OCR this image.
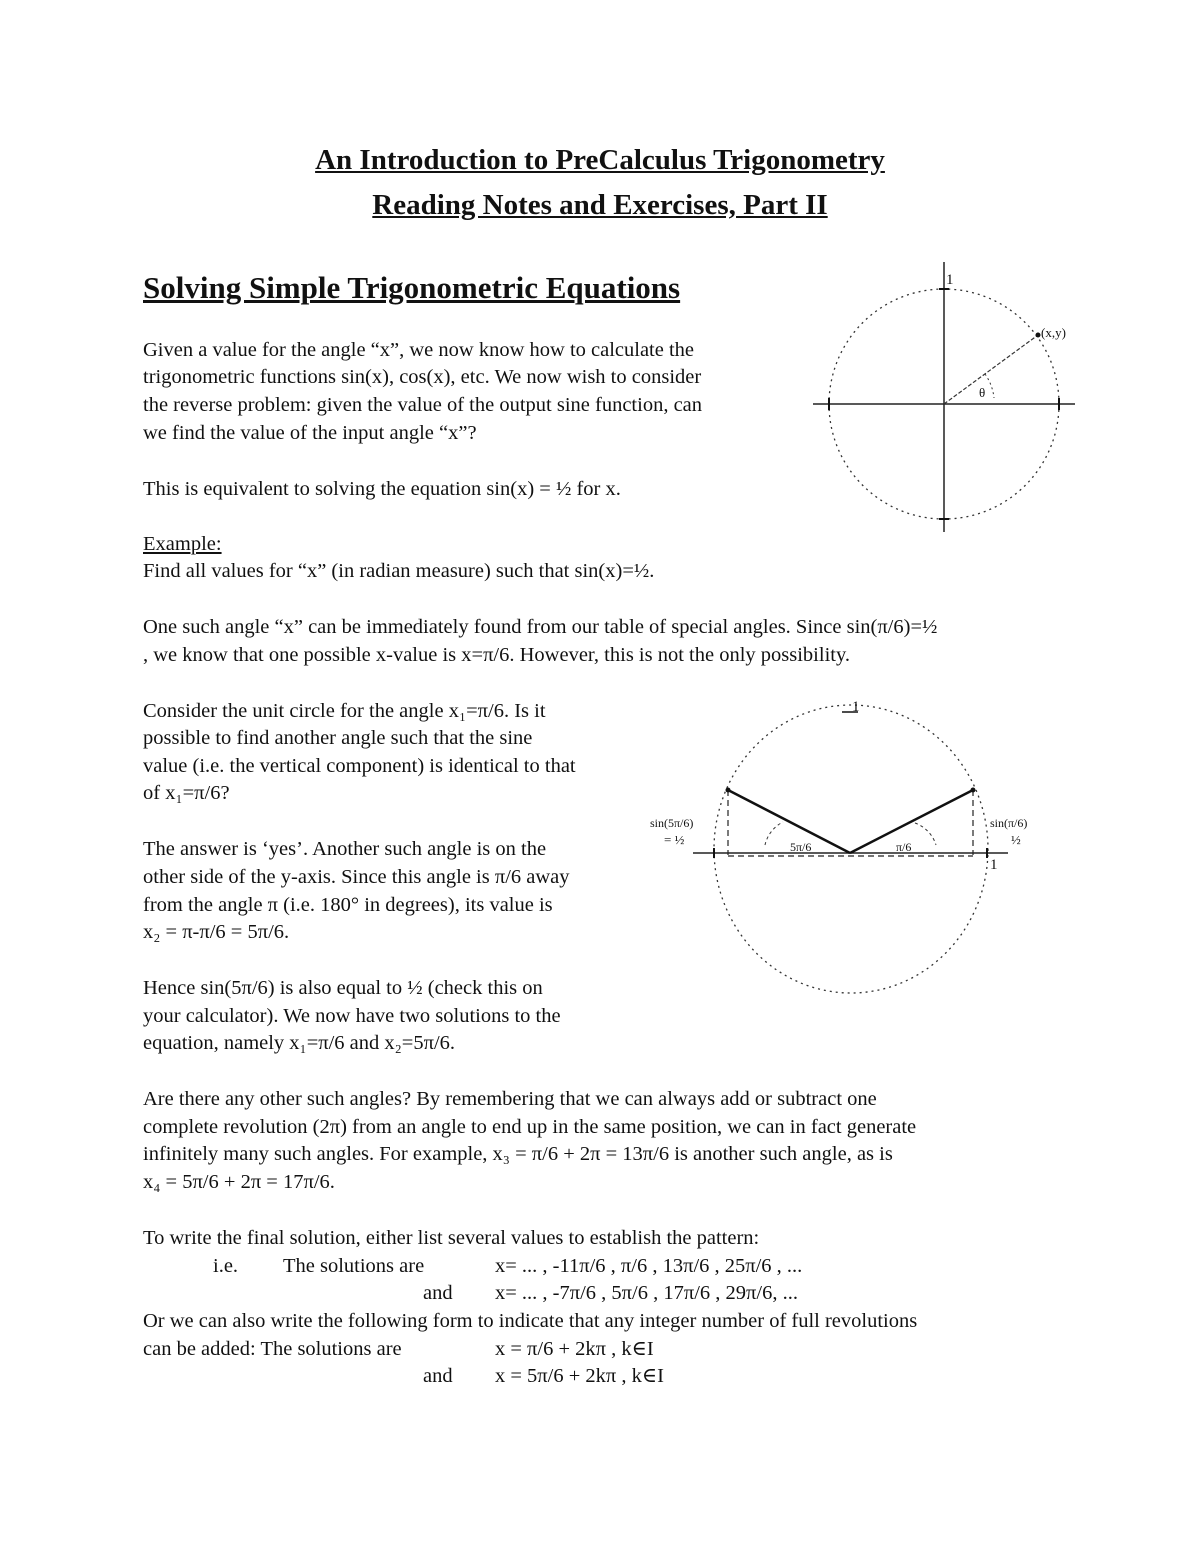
An Introduction to PreCalculus Trigonometry
Reading Notes and Exercises, Part II
Solving Simple Trigonometric Equations
Given a value for the angle “x”, we now know how to calculate the
trigonometric functions sin(x), cos(x), etc. We now wish to consider
the reverse problem: given the value of the output sine function, can
we find the value of the input angle “x”?
This is equivalent to solving the equation sin(x) = ½ for x.
Example:
Find all values for “x” (in radian measure) such that sin(x)=½.
One such angle “x” can be immediately found from our table of special angles. Since sin(π/6)=½
, we know that one possible x-value is x=π/6. However, this is not the only possibility.
Consider the unit circle for the angle x₁=π/6. Is it
possible to find another angle such that the sine
value (i.e. the vertical component) is identical to that
of x₁=π/6?
The answer is ‘yes’. Another such angle is on the
other side of the y-axis. Since this angle is π/6 away
from the angle π (i.e. 180° in degrees), its value is
x₂ = π-π/6 = 5π/6.
Hence sin(5π/6) is also equal to ½ (check this on
your calculator). We now have two solutions to the
equation, namely x₁=π/6 and x₂=5π/6.
Are there any other such angles? By remembering that we can always add or subtract one
complete revolution (2π) from an angle to end up in the same position, we can in fact generate
infinitely many such angles. For example, x₃ = π/6 + 2π = 13π/6 is another such angle, as is
x₄ = 5π/6 + 2π = 17π/6.
To write the final solution, either list several values to establish the pattern:
i.e. The solutions are	x= ... , -11π/6 , π/6 , 13π/6 , 25π/6 , ...
and x= ... , -7π/6 , 5π/6 , 17π/6 , 29π/6, ...
Or we can also write the following form to indicate that any integer number of full revolutions
can be added: The solutions are	x = π/6 + 2kπ , k∈I
and x = 5π/6 + 2kπ , k∈I
1
(x,y)
θ
1
1
sin(5π/6)
= ½
sin(π/6)
½
5π/6	π/6
